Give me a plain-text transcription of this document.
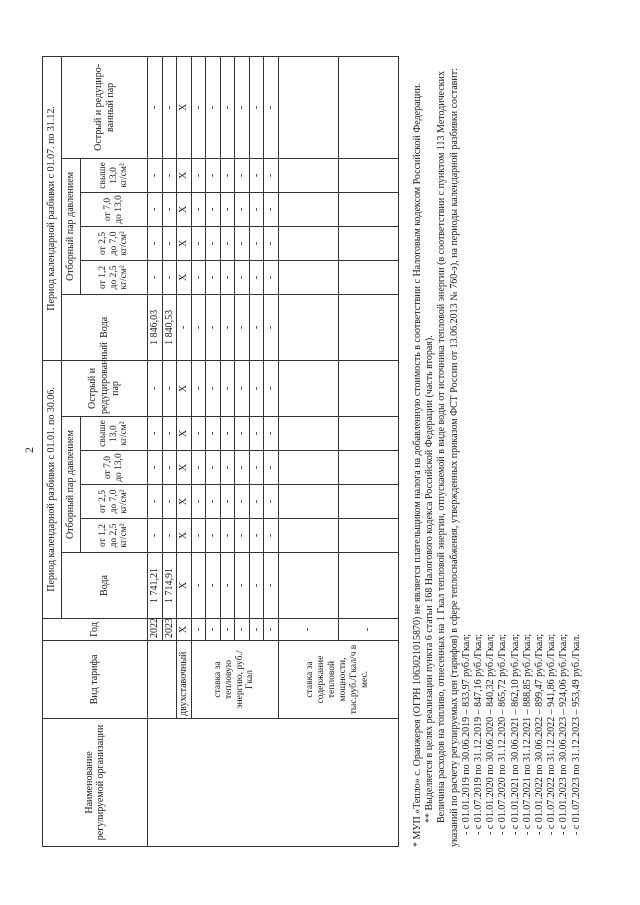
2
Наименование регулируемой организации	Вид тарифа	Год	Период календарной разбивки с 01.01. по 30.06.						Период календарной разбивки с 01.07. по 31.12.					
			Вода	Отборный пар давлением				Острый и редуцированный пар	Вода	Отборный пар давлением				Острый и редуциро-ванный пар
				от 1,2 до 2,5 кг/см²	от 2,5 до 7,0 кг/см²	от 7,0 до 13,0	свыше 13,0 кг/см²			от 1,2 до 2,5 кг/см²	от 2,5 до 7,0 кг/см²	от 7,0 до 13,0	свыше 13,0 кг/см²	
		2022	1 741,21	-	-	-	-	-	1 846,03	-	-	-	-	-
		2023	1 714,91	-	-	-	-	-	1 840,53	-	-	-	-	-
	двухставочный	X	X	X	X	X	X	X	-	X	X	X	X	X
	ставка за тепловую энергию, руб./Гкал	-	-	-	-	-	-	-	-	-	-	-	-	-
		-	-	-	-	-	-	-	-	-	-	-	-	-
		-	-	-	-	-	-	-	-	-	-	-	-	-
		-	-	-	-	-	-	-	-	-	-	-	-	-
		-	-	-	-	-	-	-	-	-	-	-	-	-
		-	-	-	-	-	-	-	-	-	-	-	-	-
	ставка за содержание тепловой мощности, тыс.руб./Гкал/ч в мес.	-												

		-													* МУП «Тепло» с. Оранжерея (ОГРН 1063021015870) не является плательщиком налога на добавленную стоимость в соответствии с Налоговым кодексом Российской Федерации. ** Выделяется в целях реализации пункта 6 статьи 168 Налогового кодекса Российской Федерации (часть вторая). Величина расходов на топливо, отнесенных на 1 Гкал тепловой энергии, отпускаемой в виде воды от источника тепловой энергии (в соответствии с пунктом 113 Методических указаний по расчету регулируемых цен (тарифов) в сфере теплоснабжения, утвержденных приказом ФСТ России от 13.06.2013 № 760-э), на периоды календарной разбивки составит: - с 01.01.2019 по 30.06.2019 – 833,97 руб./Гкал; - с 01.07.2019 по 31.12.2019 – 847,16 руб./Гкал; - с 01.01.2020 по 30.06.2020 – 840,32 руб./Гкал; - с 01.07.2020 по 31.12.2020 – 865,72 руб./Гкал; - с 01.01.2021 по 30.06.2021 – 862,10 руб./Гкал; - с 01.07.2021 по 31.12.2021 – 888,85 руб./Гкал; - с 01.01.2022 по 30.06.2022 – 899,47 руб./Гкал; - с 01.07.2022 по 31.12.2022 – 941,86 руб./Гкал; - с 01.01.2023 по 30.06.2023 – 924,06 руб./Гкал; - с 01.07.2023 по 31.12.2023 – 953,49 руб./Гкал.
